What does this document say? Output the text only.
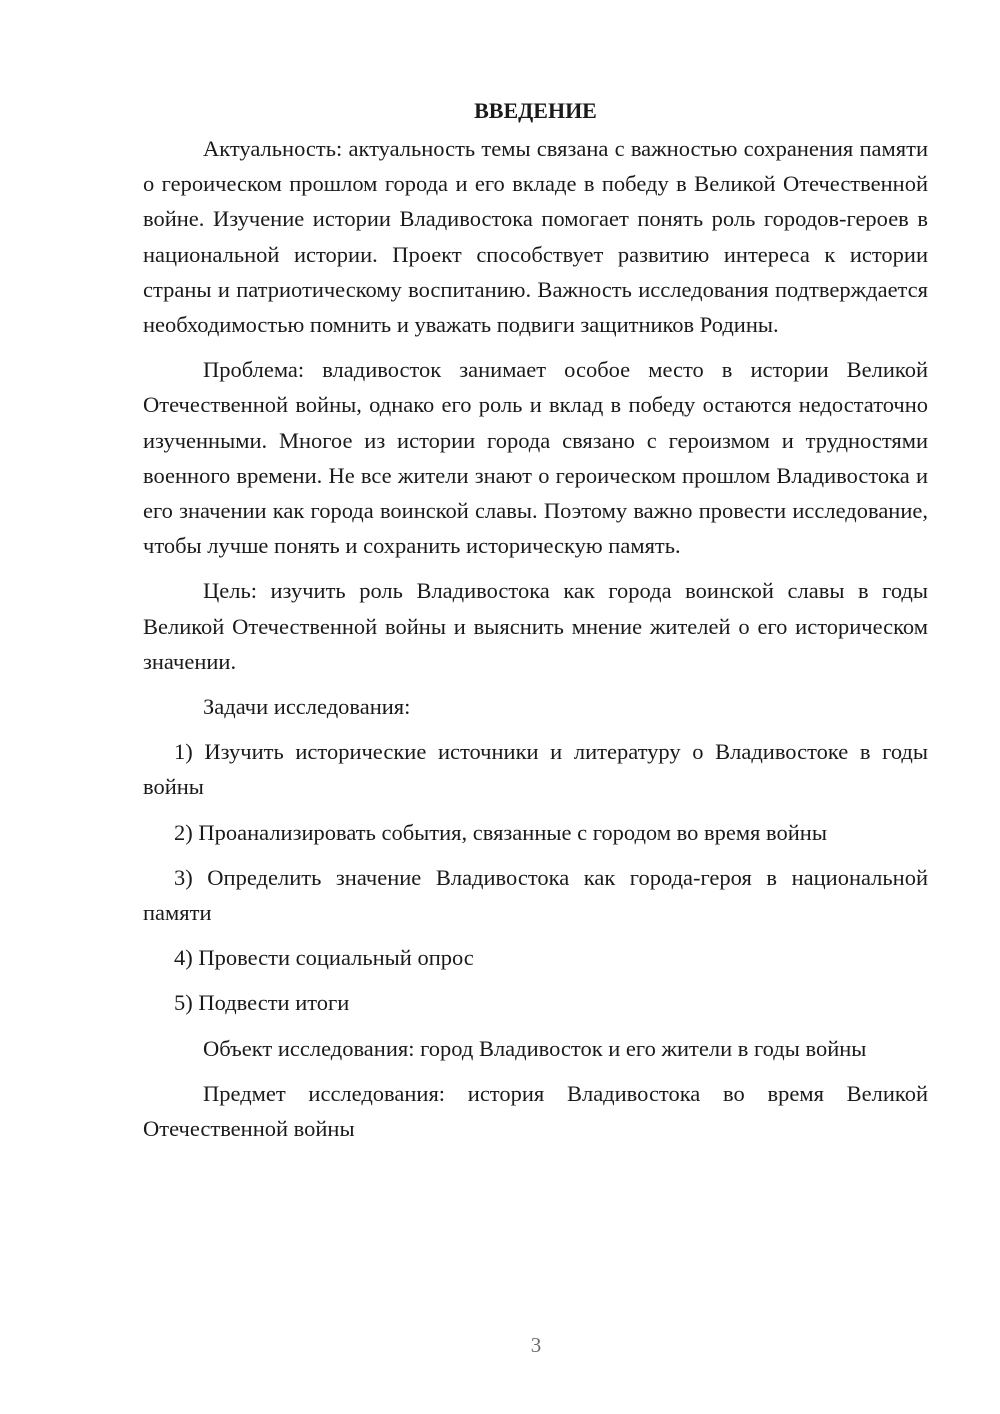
ВВЕДЕНИЕ

Актуальность: актуальность темы связана с важностью сохранения памяти о героическом прошлом города и его вкладе в победу в Великой Отечественной войне. Изучение истории Владивостока помогает понять роль городов-героев в национальной истории. Проект способствует развитию интереса к истории страны и патриотическому воспитанию. Важность исследования подтверждается необходимостью помнить и уважать подвиги защитников Родины.

Проблема: владивосток занимает особое место в истории Великой Отечественной войны, однако его роль и вклад в победу остаются недостаточно изученными. Многое из истории города связано с героизмом и трудностями военного времени. Не все жители знают о героическом прошлом Владивостока и его значении как города воинской славы. Поэтому важно провести исследование, чтобы лучше понять и сохранить историческую память.

Цель: изучить роль Владивостока как города воинской славы в годы Великой Отечественной войны и выяснить мнение жителей о его историческом значении.

Задачи исследования:

1) Изучить исторические источники и литературу о Владивостоке в годы войны

2) Проанализировать события, связанные с городом во время войны

3) Определить значение Владивостока как города-героя в национальной памяти

4) Провести социальный опрос

5) Подвести итоги

Объект исследования: город Владивосток и его жители в годы войны

Предмет исследования: история Владивостока во время Великой Отечественной войны

3
